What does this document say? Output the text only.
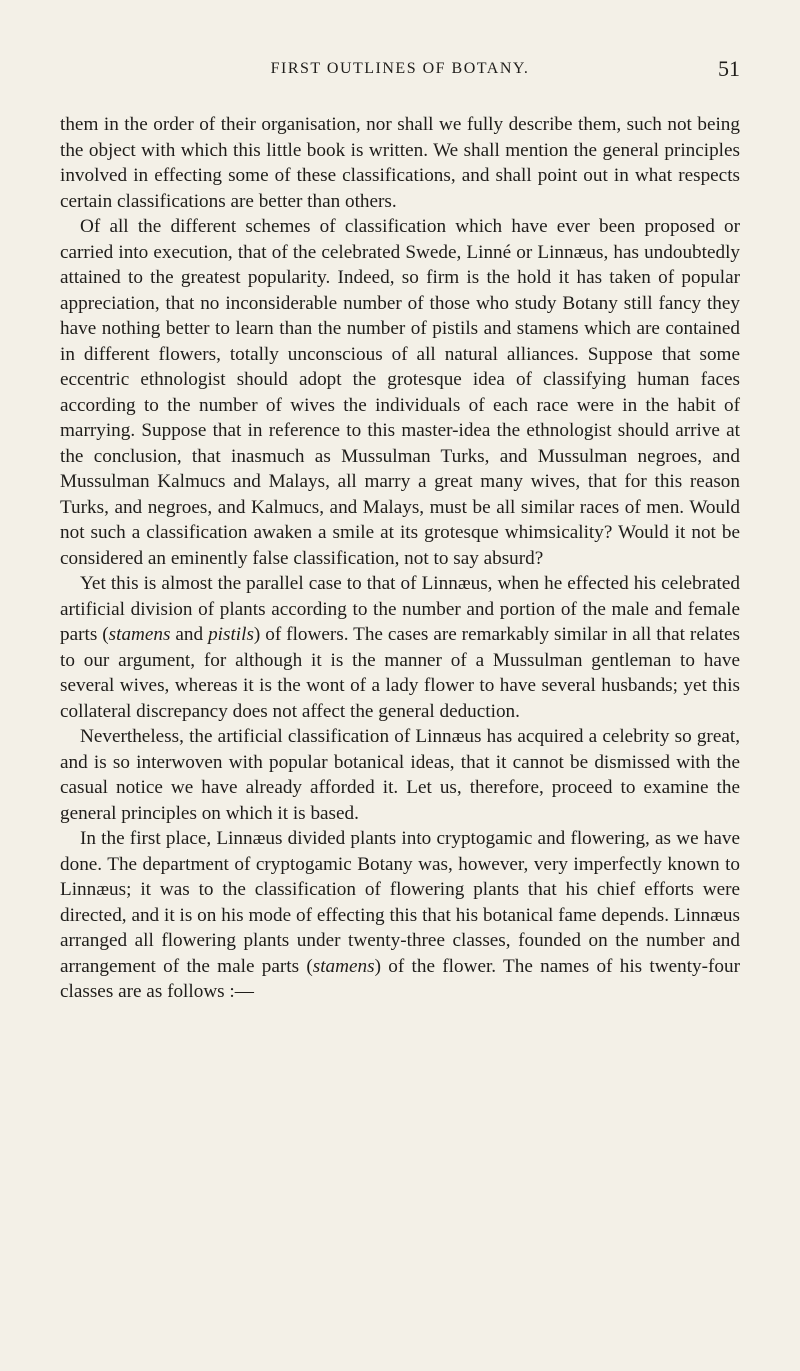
FIRST OUTLINES OF BOTANY.	51

them in the order of their organisation, nor shall we fully describe them, such not being the object with which this little book is written. We shall mention the general principles involved in effecting some of these classifications, and shall point out in what respects certain classifications are better than others.

Of all the different schemes of classification which have ever been proposed or carried into execution, that of the celebrated Swede, Linné or Linnæus, has undoubtedly attained to the greatest popularity. Indeed, so firm is the hold it has taken of popular appreciation, that no inconsiderable number of those who study Botany still fancy they have nothing better to learn than the number of pistils and stamens which are contained in different flowers, totally unconscious of all natural alliances. Suppose that some eccentric ethnologist should adopt the grotesque idea of classifying human faces according to the number of wives the individuals of each race were in the habit of marrying. Suppose that in reference to this master-idea the ethnologist should arrive at the conclusion, that inasmuch as Mussulman Turks, and Mussulman negroes, and Mussulman Kalmucs and Malays, all marry a great many wives, that for this reason Turks, and negroes, and Kalmucs, and Malays, must be all similar races of men. Would not such a classification awaken a smile at its grotesque whimsicality? Would it not be considered an eminently false classification, not to say absurd?

Yet this is almost the parallel case to that of Linnæus, when he effected his celebrated artificial division of plants according to the number and portion of the male and female parts (stamens and pistils) of flowers. The cases are remarkably similar in all that relates to our argument, for although it is the manner of a Mussulman gentleman to have several wives, whereas it is the wont of a lady flower to have several husbands; yet this collateral discrepancy does not affect the general deduction.

Nevertheless, the artificial classification of Linnæus has acquired a celebrity so great, and is so interwoven with popular botanical ideas, that it cannot be dismissed with the casual notice we have already afforded it. Let us, therefore, proceed to examine the general principles on which it is based.

In the first place, Linnæus divided plants into cryptogamic and flowering, as we have done. The department of cryptogamic Botany was, however, very imperfectly known to Linnæus; it was to the classification of flowering plants that his chief efforts were directed, and it is on his mode of effecting this that his botanical fame depends. Linnæus arranged all flowering plants under twenty-three classes, founded on the number and arrangement of the male parts (stamens) of the flower. The names of his twenty-four classes are as follows :—
